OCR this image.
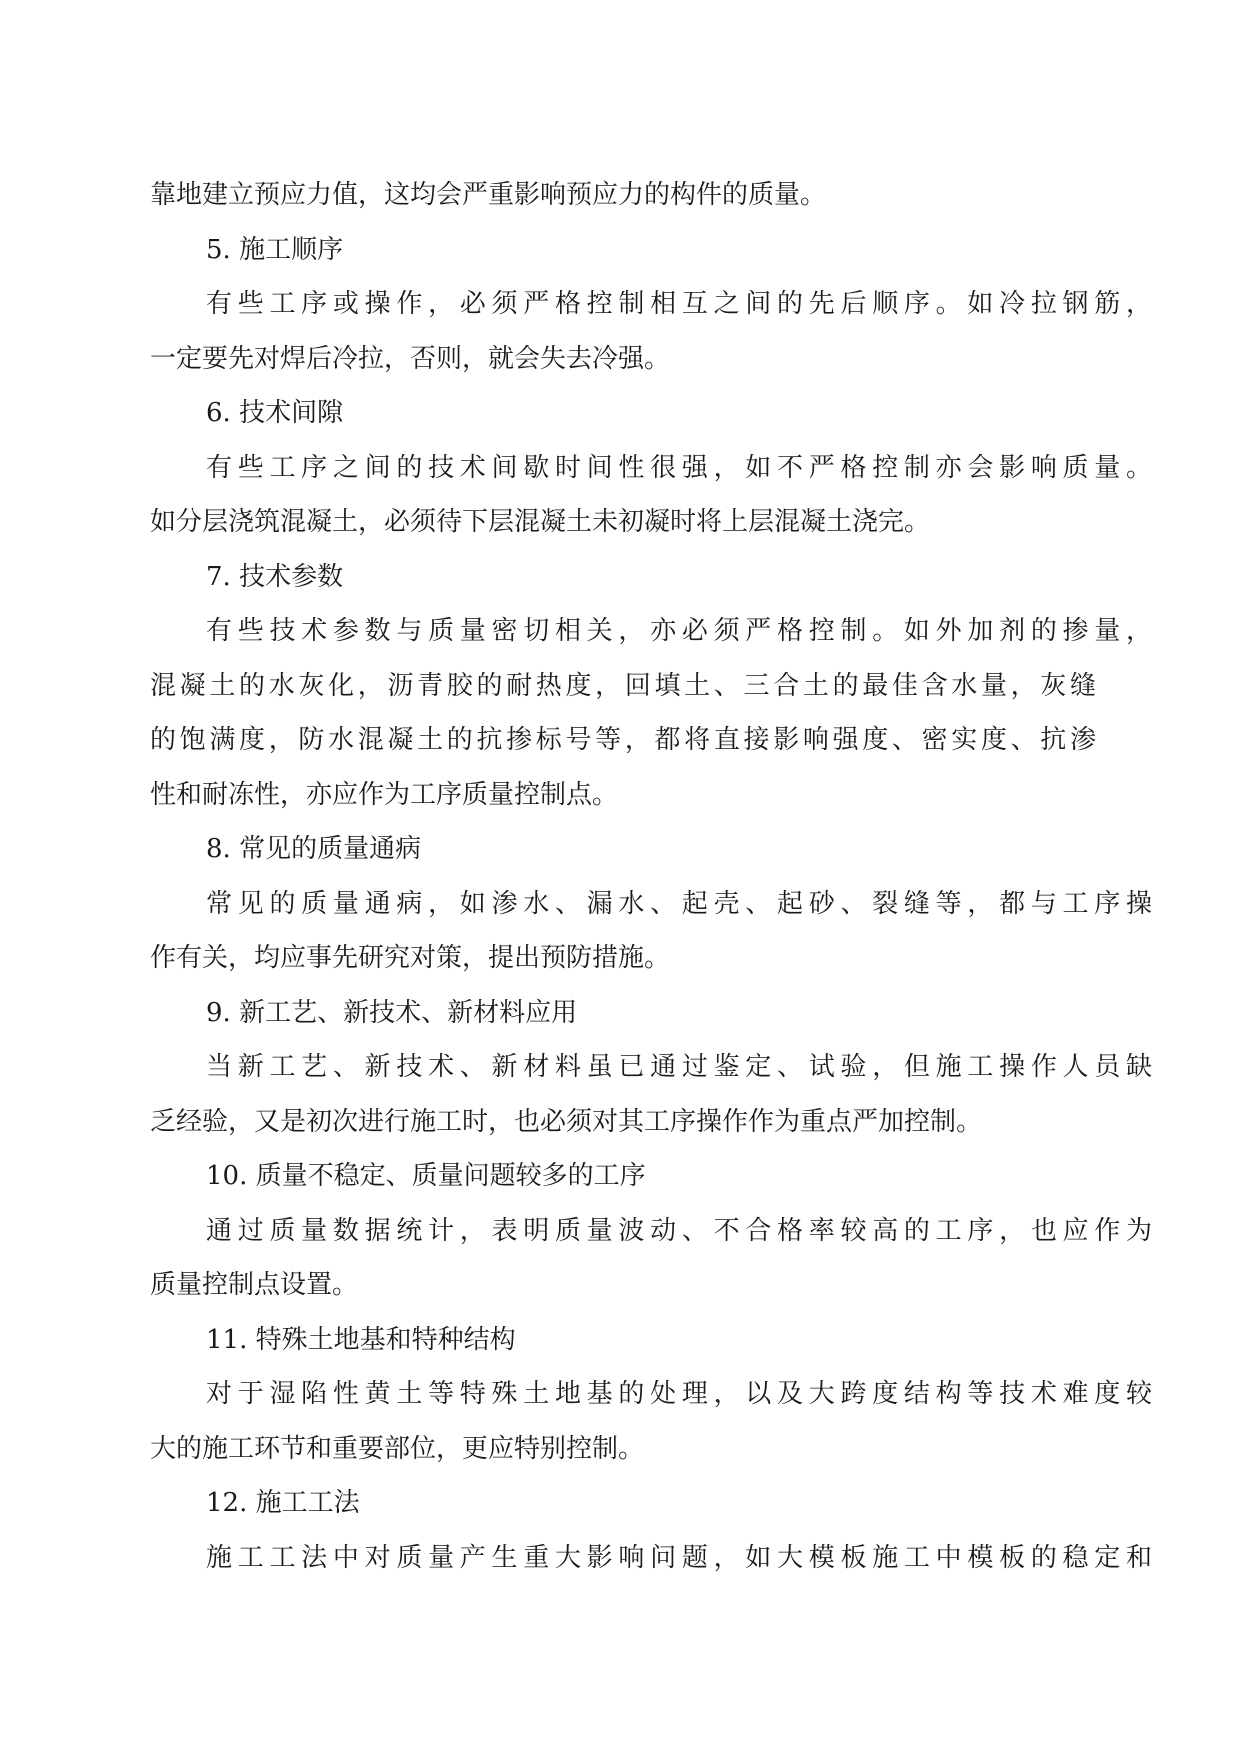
靠地建立预应力值，这均会严重影响预应力的构件的质量。

5. 施工顺序

有些工序或操作，必须严格控制相互之间的先后顺序。如冷拉钢筋，

一定要先对焊后冷拉，否则，就会失去冷强。

6. 技术间隙

有些工序之间的技术间歇时间性很强，如不严格控制亦会影响质量。

如分层浇筑混凝土，必须待下层混凝土未初凝时将上层混凝土浇完。

7. 技术参数

有些技术参数与质量密切相关，亦必须严格控制。如外加剂的掺量，

混凝土的水灰化，沥青胶的耐热度，回填土、三合土的最佳含水量，灰缝

的饱满度，防水混凝土的抗掺标号等，都将直接影响强度、密实度、抗渗

性和耐冻性，亦应作为工序质量控制点。

8. 常见的质量通病

常见的质量通病，如渗水、漏水、起壳、起砂、裂缝等，都与工序操

作有关，均应事先研究对策，提出预防措施。

9. 新工艺、新技术、新材料应用

当新工艺、新技术、新材料虽已通过鉴定、试验，但施工操作人员缺

乏经验，又是初次进行施工时，也必须对其工序操作作为重点严加控制。

10. 质量不稳定、质量问题较多的工序

通过质量数据统计，表明质量波动、不合格率较高的工序，也应作为

质量控制点设置。

11. 特殊土地基和特种结构

对于湿陷性黄土等特殊土地基的处理，以及大跨度结构等技术难度较

大的施工环节和重要部位，更应特别控制。

12. 施工工法

施工工法中对质量产生重大影响问题，如大模板施工中模板的稳定和
